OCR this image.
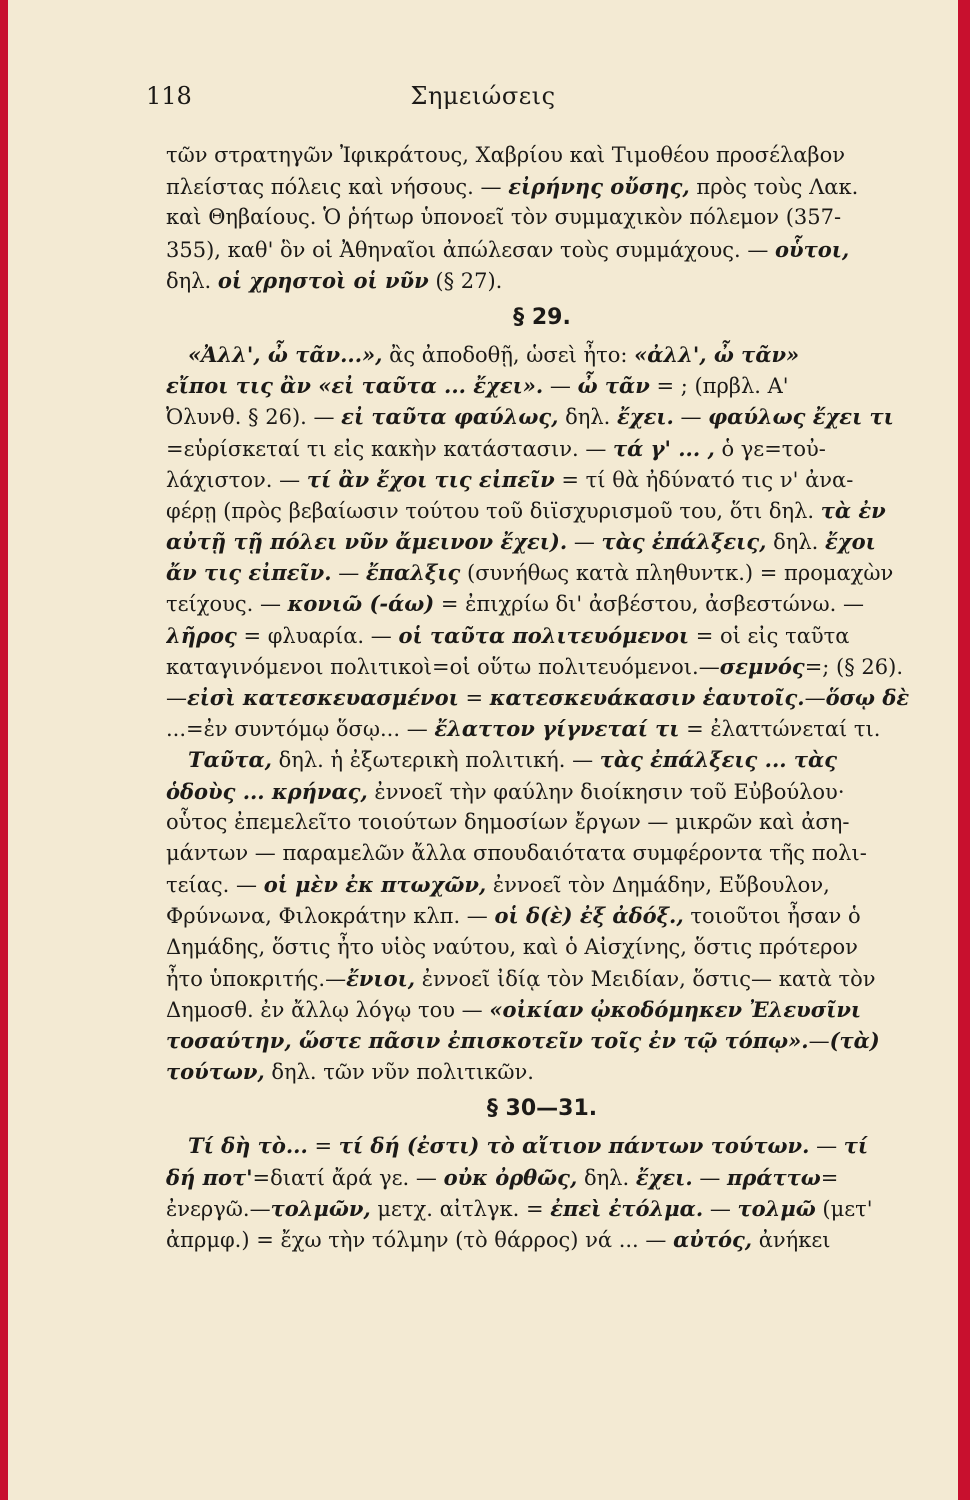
118	Σημειώσεις
τῶν στρατηγῶν Ἰφικράτους, Χαβρίου καὶ Τιμοθέου προσέλαβον
πλείστας πόλεις καὶ νήσους. — εἰρήνης οὔσης, πρὸς τοὺς Λακ.
καὶ Θηβαίους. Ὁ ῥήτωρ ὑπονοεῖ τὸν συμμαχικὸν πόλεμον (357-
355), καθ' ὃν οἱ Ἀθηναῖοι ἀπώλεσαν τοὺς συμμάχους. — οὗτοι,
δηλ. οἱ χρηστοὶ οἱ νῦν (§ 27).
§ 29.
«Ἀλλ', ὦ τᾶν...», ἂς ἀποδοθῇ, ὡσεὶ ἦτο: «ἀλλ', ὦ τᾶν»
εἴποι τις ἂν «εἰ ταῦτα ... ἔχει». — ὦ τᾶν = ; (πρβλ. Α'
Ὀλυνθ. § 26). — εἰ ταῦτα φαύλως, δηλ. ἔχει. — φαύλως ἔχει τι
=εὑρίσκεταί τι εἰς κακὴν κατάστασιν. — τά γ' ... , ὁ γε=τοὐ-
λάχιστον. — τί ἂν ἔχοι τις εἰπεῖν = τί θὰ ἠδύνατό τις ν' ἀνα-
φέρῃ (πρὸς βεβαίωσιν τούτου τοῦ διϊσχυρισμοῦ του, ὅτι δηλ. τὰ ἐν
αὐτῇ τῇ πόλει νῦν ἄμεινον ἔχει). — τὰς ἐπάλξεις, δηλ. ἔχοι
ἄν τις εἰπεῖν. — ἔπαλξις (συνήθως κατὰ πληθυντκ.) = προμαχὼν
τείχους. — κονιῶ (-άω) = ἐπιχρίω δι' ἀσβέστου, ἀσβεστώνω. —
λῆρος = φλυαρία. — οἱ ταῦτα πολιτευόμενοι = οἱ εἰς ταῦτα
καταγινόμενοι πολιτικοὶ=οἱ οὕτω πολιτευόμενοι.—σεμνός=; (§ 26).
—εἰσὶ κατεσκευασμένοι = κατεσκευάκασιν ἑαυτοῖς.—ὅσῳ δὲ
...=ἐν συντόμῳ ὅσῳ... — ἔλαττον γίγνεταί τι = ἐλαττώνεταί τι.
Ταῦτα, δηλ. ἡ ἐξωτερικὴ πολιτική. — τὰς ἐπάλξεις ... τὰς
ὁδοὺς ... κρήνας, ἐννοεῖ τὴν φαύλην διοίκησιν τοῦ Εὐβούλου·
οὗτος ἐπεμελεῖτο τοιούτων δημοσίων ἔργων — μικρῶν καὶ ἀση-
μάντων — παραμελῶν ἄλλα σπουδαιότατα συμφέροντα τῆς πολι-
τείας. — οἱ μὲν ἐκ πτωχῶν, ἐννοεῖ τὸν Δημάδην, Εὔβουλον,
Φρύνωνα, Φιλοκράτην κλπ. — οἱ δ(ὲ) ἐξ ἀδόξ., τοιοῦτοι ἦσαν ὁ
Δημάδης, ὅστις ἦτο υἱὸς ναύτου, καὶ ὁ Αἰσχίνης, ὅστις πρότερον
ἦτο ὑποκριτής.—ἔνιοι, ἐννοεῖ ἰδίᾳ τὸν Μειδίαν, ὅστις— κατὰ τὸν
Δημοσθ. ἐν ἄλλῳ λόγῳ του — «οἰκίαν ᾠκοδόμηκεν Ἐλευσῖνι
τοσαύτην, ὥστε πᾶσιν ἐπισκοτεῖν τοῖς ἐν τῷ τόπῳ».—(τὰ)
τούτων, δηλ. τῶν νῦν πολιτικῶν.
§ 30—31.
Τί δὴ τὸ... = τί δή (ἐστι) τὸ αἴτιον πάντων τούτων. — τί
δή ποτ'=διατί ἄρά γε. — οὐκ ὀρθῶς, δηλ. ἔχει. — πράττω=
ἐνεργῶ.—τολμῶν, μετχ. αἰτλγκ. = ἐπεὶ ἐτόλμα. — τολμῶ (μετ'
ἀπρμφ.) = ἔχω τὴν τόλμην (τὸ θάρρος) νά ... — αὐτός, ἀνήκει
